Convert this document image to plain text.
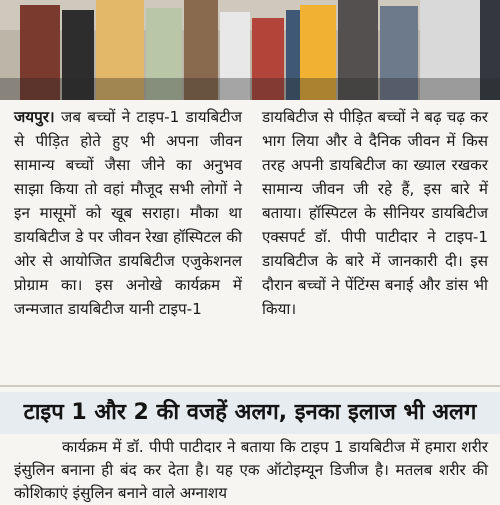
जयपुर। जब बच्चों ने टाइप-1 डायबिटीज से पीड़ित होते हुए भी अपना जीवन सामान्य बच्चों जैसा जीने का अनुभव साझा किया तो वहां मौजूद सभी लोगों ने इन मासूमों को खूब सराहा। मौका था डायबिटीज डे पर जीवन रेखा हॉस्पिटल की ओर से आयोजित डायबिटीज एजुकेशनल प्रोग्राम का। इस अनोखे कार्यक्रम में जन्मजात डायबिटीज यानी टाइप-1

डायबिटीज से पीड़ित बच्चों ने बढ़ चढ़ कर भाग लिया और वे दैनिक जीवन में किस तरह अपनी डायबिटीज का ख्याल रखकर सामान्य जीवन जी रहे हैं, इस बारे में बताया। हॉस्पिटल के सीनियर डायबिटीज एक्सपर्ट डॉ. पीपी पाटीदार ने टाइप-1 डायबिटीज के बारे में जानकारी दी। इस दौरान बच्चों ने पेंटिंग्स बनाई और डांस भी किया।

टाइप 1 और 2 की वजहें अलग, इनका इलाज भी अलग

कार्यक्रम में डॉ. पीपी पाटीदार ने बताया कि टाइप 1 डायबिटीज में हमारा शरीर इंसुलिन बनाना ही बंद कर देता है। यह एक ऑटोइम्यून डिजीज है। मतलब शरीर की कोशिकाएं इंसुलिन बनाने वाले अग्नाशय
